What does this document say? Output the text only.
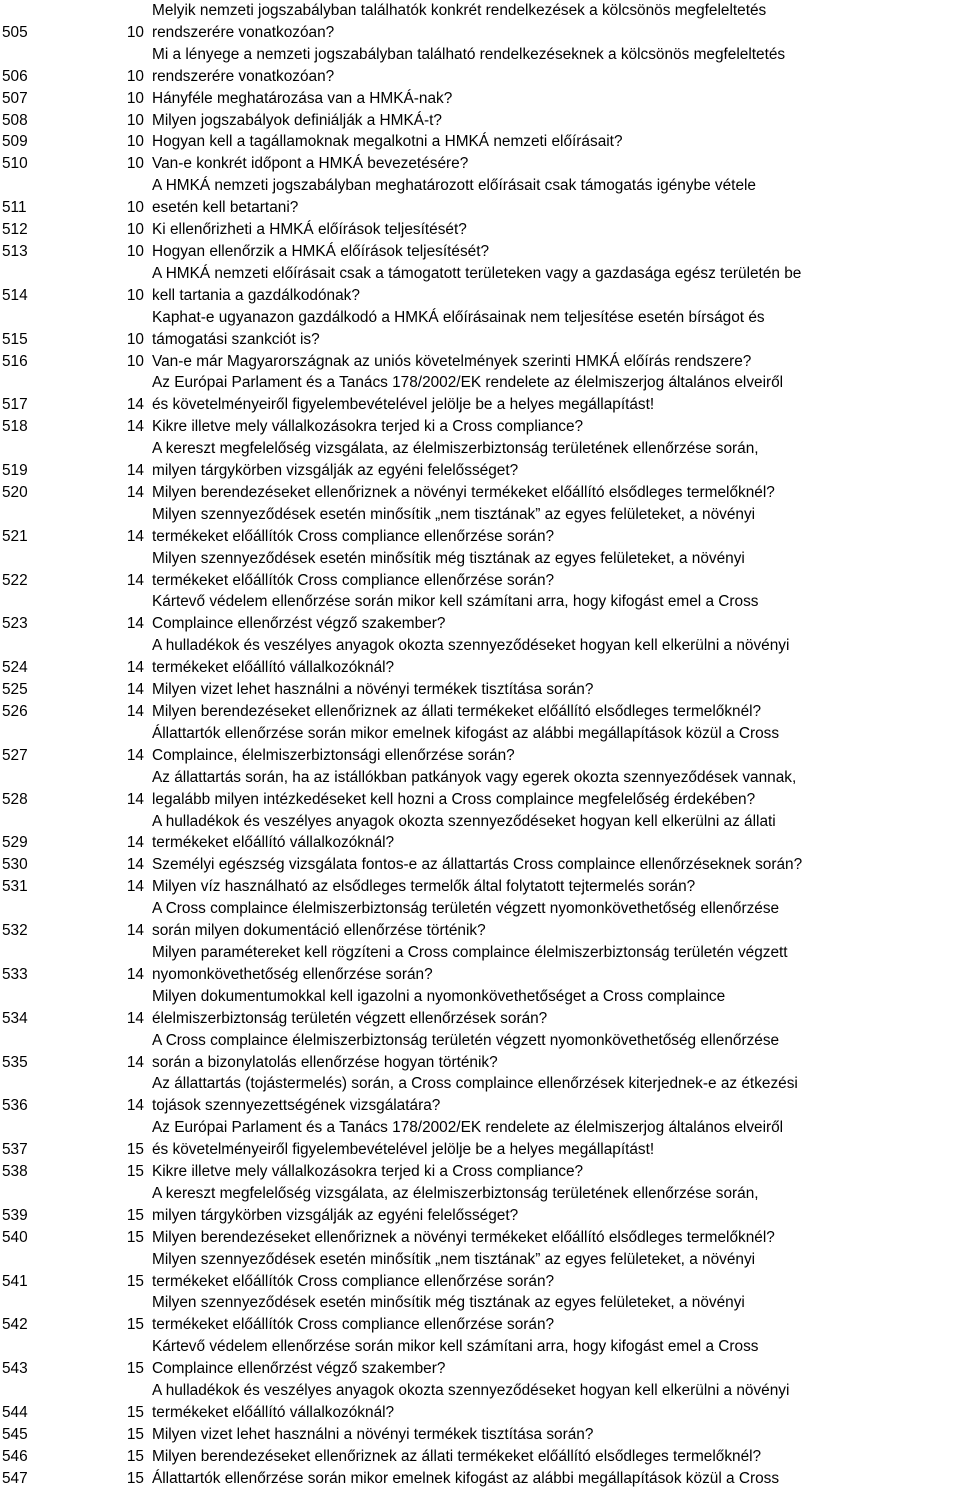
505	10
Melyik nemzeti jogszabályban találhatók konkrét rendelkezések a kölcsönös megfeleltetés
rendszerére vonatkozóan?
506	10
Mi a lényege a nemzeti jogszabályban található rendelkezéseknek a kölcsönös megfeleltetés
rendszerére vonatkozóan?
507	10 Hányféle meghatározása van a HMKÁ-nak?
508	10 Milyen jogszabályok definiálják a HMKÁ-t?
509	10 Hogyan kell a tagállamoknak megalkotni a HMKÁ nemzeti előírásait?
510	10 Van-e konkrét időpont a HMKÁ bevezetésére?
511	10
A HMKÁ nemzeti jogszabályban meghatározott előírásait csak támogatás igénybe vétele
esetén kell betartani?
512	10 Ki ellenőrizheti a HMKÁ előírások teljesítését?
513	10 Hogyan ellenőrzik a HMKÁ előírások teljesítését?
514	10
A HMKÁ nemzeti előírásait csak a támogatott területeken vagy a gazdasága egész területén be
kell tartania a gazdálkodónak?
515	10
Kaphat-e ugyanazon gazdálkodó a HMKÁ előírásainak nem teljesítése esetén bírságot és
támogatási szankciót is?
516	10 Van-e már Magyarországnak az uniós követelmények szerinti HMKÁ előírás rendszere?
517	14
Az Európai Parlament és a Tanács 178/2002/EK rendelete az élelmiszerjog általános elveiről
és követelményeiről figyelembevételével jelölje be a helyes megállapítást!
518	14 Kikre illetve mely vállalkozásokra terjed ki a Cross compliance?
519	14
A kereszt megfelelőség vizsgálata, az élelmiszerbiztonság területének ellenőrzése során,
milyen tárgykörben vizsgálják az egyéni felelősséget?
520	14 Milyen berendezéseket ellenőriznek a növényi termékeket előállító elsődleges termelőknél?
521	14
Milyen szennyeződések esetén minősítik „nem tisztának” az egyes felületeket, a növényi
termékeket előállítók Cross compliance ellenőrzése során?
522	14
Milyen szennyeződések esetén minősítik még tisztának az egyes felületeket, a növényi
termékeket előállítók Cross compliance ellenőrzése során?
523	14
Kártevő védelem ellenőrzése során mikor kell számítani arra, hogy kifogást emel a Cross
Complaince ellenőrzést végző szakember?
524	14
A hulladékok és veszélyes anyagok okozta szennyeződéseket hogyan kell elkerülni a növényi
termékeket előállító vállalkozóknál?
525	14 Milyen vizet lehet használni a növényi termékek tisztítása során?
526	14 Milyen berendezéseket ellenőriznek az állati termékeket előállító elsődleges termelőknél?
527	14
Állattartók ellenőrzése során mikor emelnek kifogást az alábbi megállapítások közül a Cross
Complaince, élelmiszerbiztonsági ellenőrzése során?
528	14
Az állattartás során, ha az istállókban patkányok vagy egerek okozta szennyeződések vannak,
legalább milyen intézkedéseket kell hozni a Cross complaince megfelelőség érdekében?
529	14
A hulladékok és veszélyes anyagok okozta szennyeződéseket hogyan kell elkerülni az állati
termékeket előállító vállalkozóknál?
530	14 Személyi egészség vizsgálata fontos-e az állattartás Cross complaince ellenőrzéseknek során?
531	14 Milyen víz használható az elsődleges termelők által folytatott tejtermelés során?
532	14
A Cross complaince élelmiszerbiztonság területén végzett nyomonkövethetőség ellenőrzése
során milyen dokumentáció ellenőrzése történik?
533	14
Milyen paramétereket kell rögzíteni a Cross complaince élelmiszerbiztonság területén végzett
nyomonkövethetőség ellenőrzése során?
534	14
Milyen dokumentumokkal kell igazolni a nyomonkövethetőséget a Cross complaince
élelmiszerbiztonság területén végzett ellenőrzések során?
535	14
A Cross complaince élelmiszerbiztonság területén végzett nyomonkövethetőség ellenőrzése
során a bizonylatolás ellenőrzése hogyan történik?
536	14
Az állattartás (tojástermelés) során, a Cross complaince ellenőrzések kiterjednek-e az étkezési
tojások szennyezettségének vizsgálatára?
537	15
Az Európai Parlament és a Tanács 178/2002/EK rendelete az élelmiszerjog általános elveiről
és követelményeiről figyelembevételével jelölje be a helyes megállapítást!
538	15 Kikre illetve mely vállalkozásokra terjed ki a Cross compliance?
539	15
A kereszt megfelelőség vizsgálata, az élelmiszerbiztonság területének ellenőrzése során,
milyen tárgykörben vizsgálják az egyéni felelősséget?
540	15 Milyen berendezéseket ellenőriznek a növényi termékeket előállító elsődleges termelőknél?
541	15
Milyen szennyeződések esetén minősítik „nem tisztának” az egyes felületeket, a növényi
termékeket előállítók Cross compliance ellenőrzése során?
542	15
Milyen szennyeződések esetén minősítik még tisztának az egyes felületeket, a növényi
termékeket előállítók Cross compliance ellenőrzése során?
543	15
Kártevő védelem ellenőrzése során mikor kell számítani arra, hogy kifogást emel a Cross
Complaince ellenőrzést végző szakember?
544	15
A hulladékok és veszélyes anyagok okozta szennyeződéseket hogyan kell elkerülni a növényi
termékeket előállító vállalkozóknál?
545	15 Milyen vizet lehet használni a növényi termékek tisztítása során?
546	15 Milyen berendezéseket ellenőriznek az állati termékeket előállító elsődleges termelőknél?
547	15 Állattartók ellenőrzése során mikor emelnek kifogást az alábbi megállapítások közül a Cross
